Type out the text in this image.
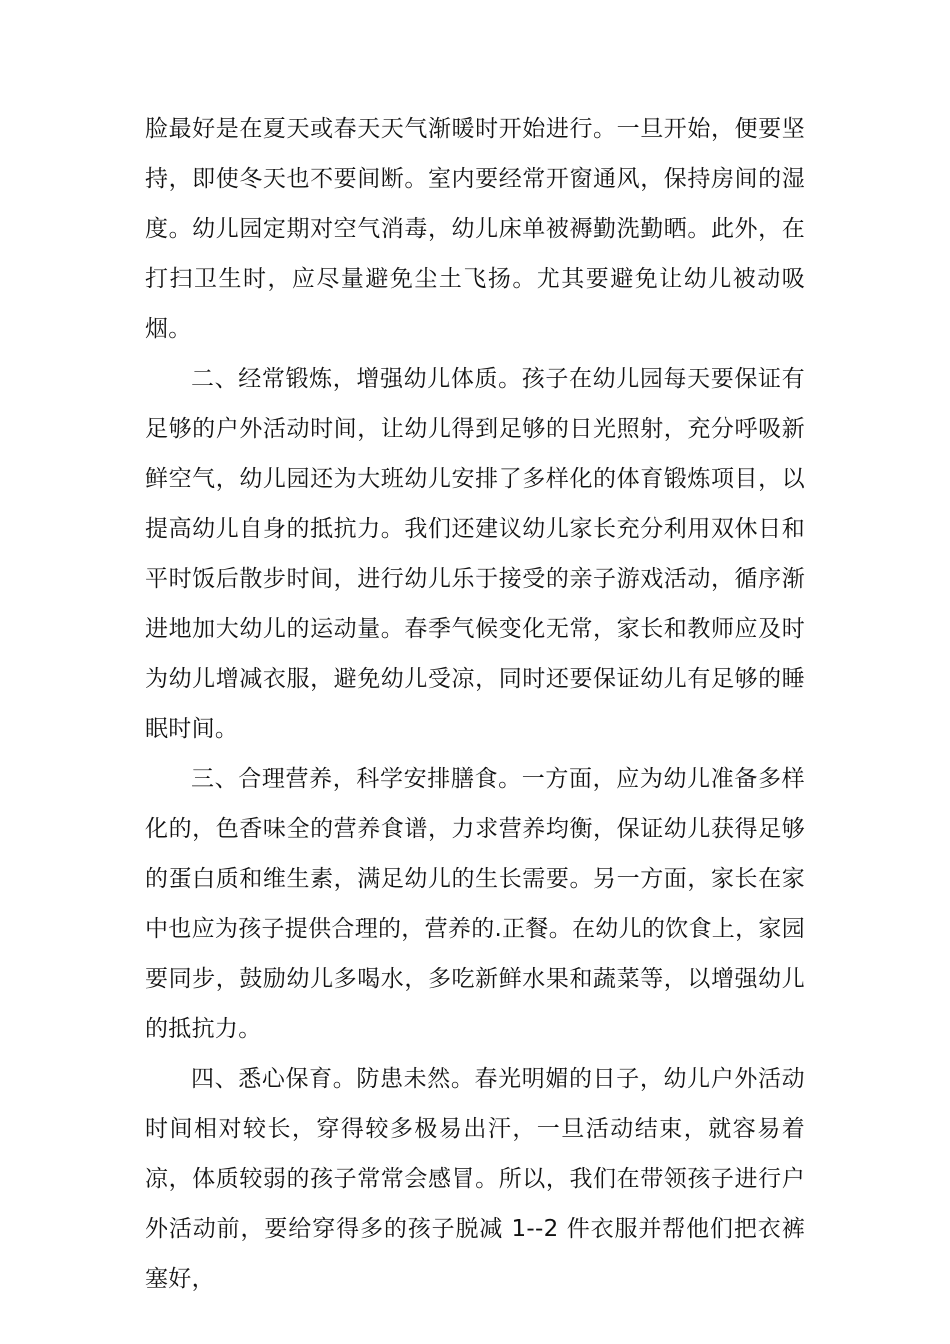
脸最好是在夏天或春天天气渐暖时开始进行。一旦开始，便要坚持，即使冬天也不要间断。室内要经常开窗通风，保持房间的湿度。幼儿园定期对空气消毒，幼儿床单被褥勤洗勤晒。此外，在打扫卫生时，应尽量避免尘土飞扬。尤其要避免让幼儿被动吸烟。

二、经常锻炼，增强幼儿体质。孩子在幼儿园每天要保证有足够的户外活动时间，让幼儿得到足够的日光照射，充分呼吸新鲜空气，幼儿园还为大班幼儿安排了多样化的体育锻炼项目，以提高幼儿自身的抵抗力。我们还建议幼儿家长充分利用双休日和平时饭后散步时间，进行幼儿乐于接受的亲子游戏活动，循序渐进地加大幼儿的运动量。春季气候变化无常，家长和教师应及时为幼儿增减衣服，避免幼儿受凉，同时还要保证幼儿有足够的睡眠时间。

三、合理营养，科学安排膳食。一方面，应为幼儿准备多样化的，色香味全的营养食谱，力求营养均衡，保证幼儿获得足够的蛋白质和维生素，满足幼儿的生长需要。另一方面，家长在家中也应为孩子提供合理的，营养的.正餐。在幼儿的饮食上，家园要同步，鼓励幼儿多喝水，多吃新鲜水果和蔬菜等，以增强幼儿的抵抗力。

四、悉心保育。防患未然。春光明媚的日子，幼儿户外活动时间相对较长，穿得较多极易出汗，一旦活动结束，就容易着凉，体质较弱的孩子常常会感冒。所以，我们在带领孩子进行户外活动前，要给穿得多的孩子脱减 1--2 件衣服并帮他们把衣裤塞好，
